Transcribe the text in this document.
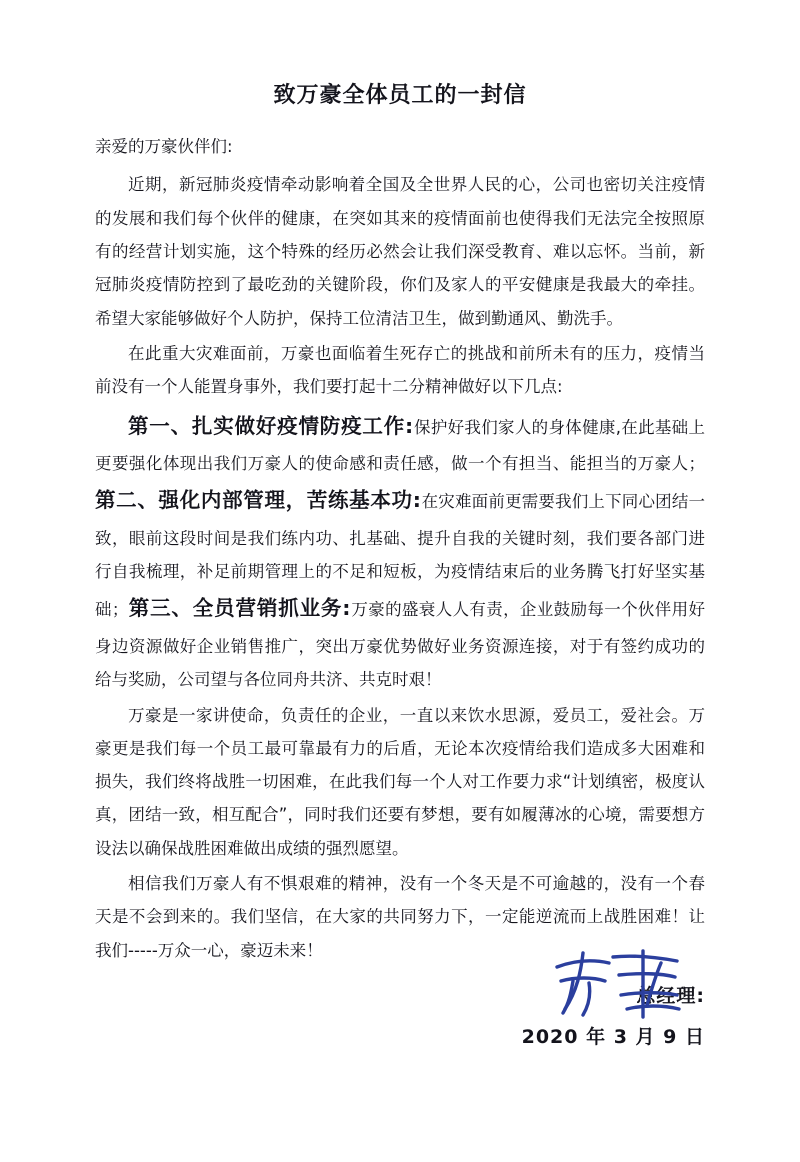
致万豪全体员工的一封信
亲爱的万豪伙伴们:

近期，新冠肺炎疫情牵动影响着全国及全世界人民的心，公司也密切关注疫情的发展和我们每个伙伴的健康，在突如其来的疫情面前也使得我们无法完全按照原有的经营计划实施，这个特殊的经历必然会让我们深受教育、难以忘怀。当前，新冠肺炎疫情防控到了最吃劲的关键阶段，你们及家人的平安健康是我最大的牵挂。希望大家能够做好个人防护，保持工位清洁卫生，做到勤通风、勤洗手。

在此重大灾难面前，万豪也面临着生死存亡的挑战和前所未有的压力，疫情当前没有一个人能置身事外，我们要打起十二分精神做好以下几点:

第一、扎实做好疫情防疫工作:保护好我们家人的身体健康,在此基础上更要强化体现出我们万豪人的使命感和责任感，做一个有担当、能担当的万豪人；第二、强化内部管理，苦练基本功:在灾难面前更需要我们上下同心团结一致，眼前这段时间是我们练内功、扎基础、提升自我的关键时刻，我们要各部门进行自我梳理，补足前期管理上的不足和短板，为疫情结束后的业务腾飞打好坚实基础；第三、全员营销抓业务:万豪的盛衰人人有责，企业鼓励每一个伙伴用好身边资源做好企业销售推广，突出万豪优势做好业务资源连接，对于有签约成功的给与奖励，公司望与各位同舟共济、共克时艰！

万豪是一家讲使命，负责任的企业，一直以来饮水思源，爱员工，爱社会。万豪更是我们每一个员工最可靠最有力的后盾，无论本次疫情给我们造成多大困难和损失，我们终将战胜一切困难，在此我们每一个人对工作要力求“计划缜密，极度认真，团结一致，相互配合”，同时我们还要有梦想，要有如履薄冰的心境，需要想方设法以确保战胜困难做出成绩的强烈愿望。

相信我们万豪人有不惧艰难的精神，没有一个冬天是不可逾越的，没有一个春天是不会到来的。我们坚信，在大家的共同努力下，一定能逆流而上战胜困难！让我们-----万众一心，豪迈未来！

总经理:
2020 年 3 月 9 日
